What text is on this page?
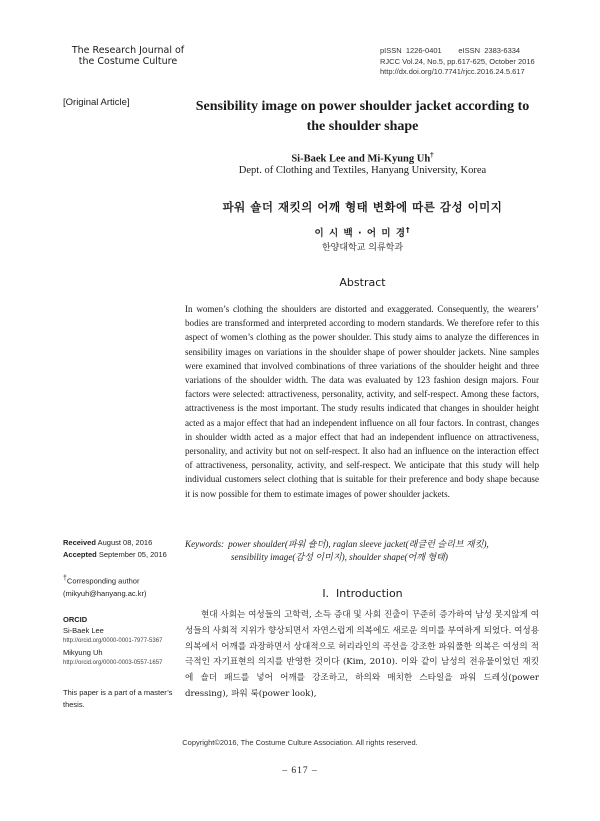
The Research Journal of
the Costume Culture
pISSN  1226-0401        eISSN  2383-6334
RJCC Vol.24, No.5, pp.617-625, October 2016
http://dx.doi.org/10.7741/rjcc.2016.24.5.617
[Original Article]	Sensibility image on power shoulder jacket according to the shoulder shape
Si-Baek Lee and Mi-Kyung Uh†
Dept. of Clothing and Textiles, Hanyang University, Korea
파워 숄더 재킷의 어깨 형태 변화에 따른 감성 이미지
이 시 백 · 어 미 경†
한양대학교 의류학과
Abstract
In women’s clothing the shoulders are distorted and exaggerated. Consequently, the wearers’ bodies are transformed and interpreted according to modern standards. We therefore refer to this aspect of women’s clothing as the power shoulder. This study aims to analyze the differences in sensibility images on variations in the shoulder shape of power shoulder jackets. Nine samples were examined that involved combinations of three variations of the shoulder height and three variations of the shoulder width. The data was evaluated by 123 fashion design majors. Four factors were selected: attractiveness, personality, activity, and self-respect. Among these factors, attractiveness is the most important. The study results indicated that changes in shoulder height acted as a major effect that had an independent influence on all four factors. In contrast, changes in shoulder width acted as a major effect that had an independent influence on attractiveness, personality, and activity but not on self-respect. It also had an influence on the interaction effect of attractiveness, personality, activity, and self-respect. We anticipate that this study will help individual customers select clothing that is suitable for their preference and body shape because it is now possible for them to estimate images of power shoulder jackets.
Keywords: power shoulder(파워 숄더), raglan sleeve jacket(래글런 슬리브 재킷),
sensibility image(감성 이미지), shoulder shape(어깨 형태)
Received August 08, 2016
Accepted September 05, 2016
†Corresponding author
(mikyuh@hanyang.ac.kr)
ORCID
Si-Baek Lee
http://orcid.org/0000-0001-7977-5367
Mikyung Uh
http://orcid.org/0000-0003-0557-1657
This paper is a part of a master’s thesis.
I.  Introduction
현대 사회는 여성들의 고학력, 소득 증대 및 사회 진출이 꾸준히 증가하여 남성 못지않게 여성들의 사회적 지위가 향상되면서 자연스럽게 의복에도 새로운 의미를 부여하게 되었다. 여성용 의복에서 어깨를 과장하면서 상대적으로 허리라인의 곡선을 강조한 파워풀한 의복은 여성의 적극적인 자기표현의 의지를 반영한 것이다 (Kim, 2010). 이와 같이 남성의 전유물이었던 재킷에 숄더 패드를 넣어 어깨를 강조하고, 하의와 매치한 스타일을 파워 드레싱(power dressing), 파워 룩(power look),
Copyright©2016, The Costume Culture Association. All rights reserved.
– 617 –
